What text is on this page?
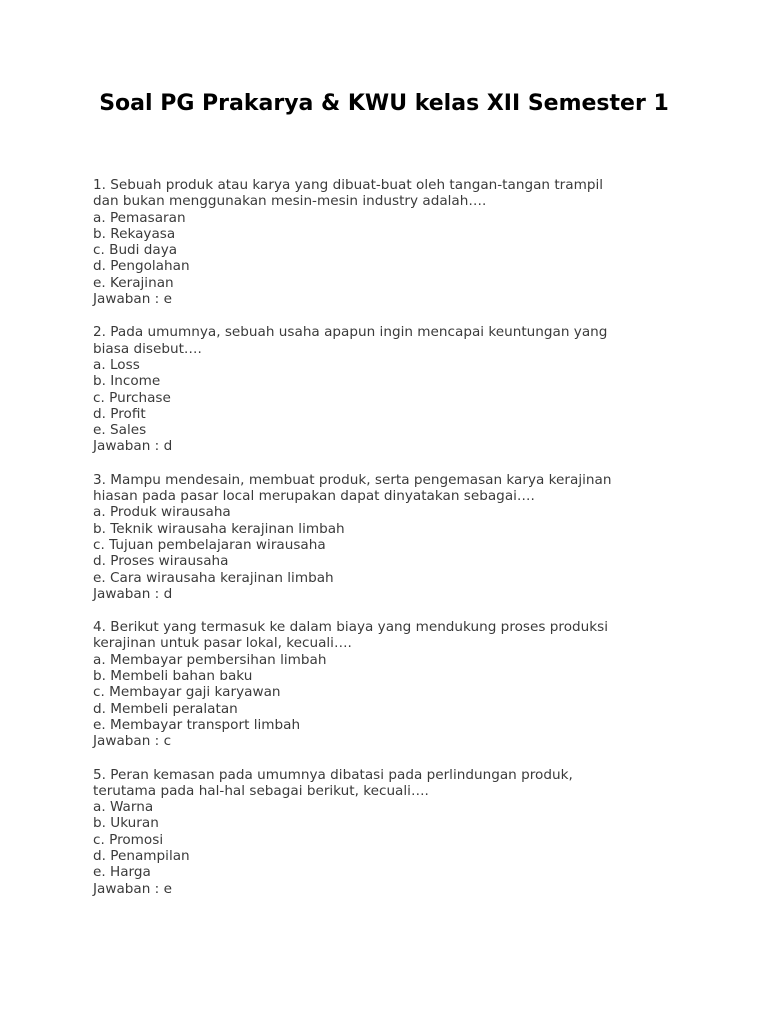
Soal PG Prakarya & KWU kelas XII Semester 1
1. Sebuah produk atau karya yang dibuat-buat oleh tangan-tangan trampil
dan bukan menggunakan mesin-mesin industry adalah….
a. Pemasaran
b. Rekayasa
c. Budi daya
d. Pengolahan
e. Kerajinan
Jawaban : e
2. Pada umumnya, sebuah usaha apapun ingin mencapai keuntungan yang
biasa disebut….
a. Loss
b. Income
c. Purchase
d. Profit
e. Sales
Jawaban : d
3. Mampu mendesain, membuat produk, serta pengemasan karya kerajinan
hiasan pada pasar local merupakan dapat dinyatakan sebagai….
a. Produk wirausaha
b. Teknik wirausaha kerajinan limbah
c. Tujuan pembelajaran wirausaha
d. Proses wirausaha
e. Cara wirausaha kerajinan limbah
Jawaban : d
4. Berikut yang termasuk ke dalam biaya yang mendukung proses produksi
kerajinan untuk pasar lokal, kecuali….
a. Membayar pembersihan limbah
b. Membeli bahan baku
c. Membayar gaji karyawan
d. Membeli peralatan
e. Membayar transport limbah
Jawaban : c
5. Peran kemasan pada umumnya dibatasi pada perlindungan produk,
terutama pada hal-hal sebagai berikut, kecuali….
a. Warna
b. Ukuran
c. Promosi
d. Penampilan
e. Harga
Jawaban : e
